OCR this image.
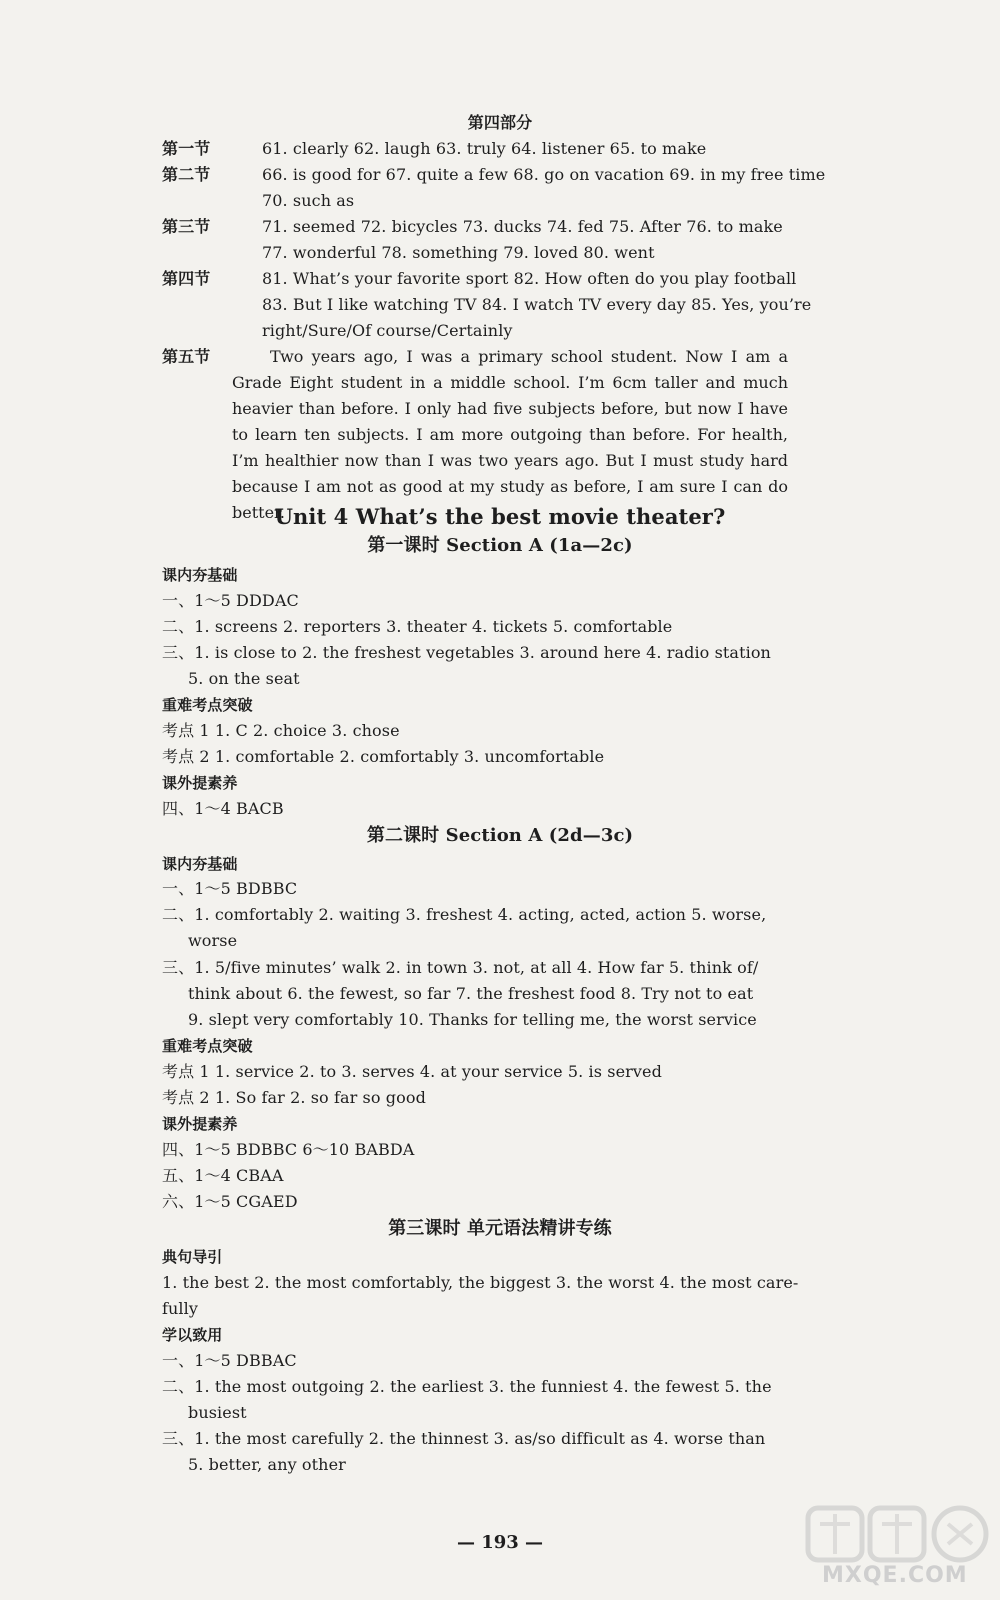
第四部分
第一节	61. clearly 62. laugh 63. truly 64. listener 65. to make
第二节	66. is good for 67. quite a few 68. go on vacation 69. in my free time
70. such as
第三节	71. seemed 72. bicycles 73. ducks 74. fed 75. After 76. to make
77. wonderful 78. something 79. loved 80. went
第四节	81. What’s your favorite sport 82. How often do you play football
83. But I like watching TV 84. I watch TV every day 85. Yes, you’re
right/Sure/Of course/Certainly
第五节	Two years ago, I was a primary school student. Now I am a Grade Eight student in a middle school. I’m 6cm taller and much heavier than before. I only had five subjects before, but now I have to learn ten subjects. I am more outgoing than before. For health, I’m healthier now than I was two years ago. But I must study hard because I am not as good at my study as before, I am sure I can do better.
Unit 4 What’s the best movie theater?
第一课时 Section A (1a—2c)
课内夯基础
一、1～5 DDDAC
二、1. screens 2. reporters 3. theater 4. tickets 5. comfortable
三、1. is close to 2. the freshest vegetables 3. around here 4. radio station
5. on the seat
重难考点突破
考点 1 1. C 2. choice 3. chose
考点 2 1. comfortable 2. comfortably 3. uncomfortable
课外提素养
四、1～4 BACB
第二课时 Section A (2d—3c)
课内夯基础
一、1～5 BDBBC
二、1. comfortably 2. waiting 3. freshest 4. acting, acted, action 5. worse,
worse
三、1. 5/five minutes’ walk 2. in town 3. not, at all 4. How far 5. think of/
think about 6. the fewest, so far 7. the freshest food 8. Try not to eat
9. slept very comfortably 10. Thanks for telling me, the worst service
重难考点突破
考点 1 1. service 2. to 3. serves 4. at your service 5. is served
考点 2 1. So far 2. so far so good
课外提素养
四、1～5 BDBBC 6～10 BABDA
五、1～4 CBAA
六、1～5 CGAED
第三课时 单元语法精讲专练
典句导引
1. the best 2. the most comfortably, the biggest 3. the worst 4. the most care-
fully
学以致用
一、1～5 DBBAC
二、1. the most outgoing 2. the earliest 3. the funniest 4. the fewest 5. the
busiest
三、1. the most carefully 2. the thinnest 3. as/so difficult as 4. worse than
5. better, any other
— 193 —
MXQE.COM
